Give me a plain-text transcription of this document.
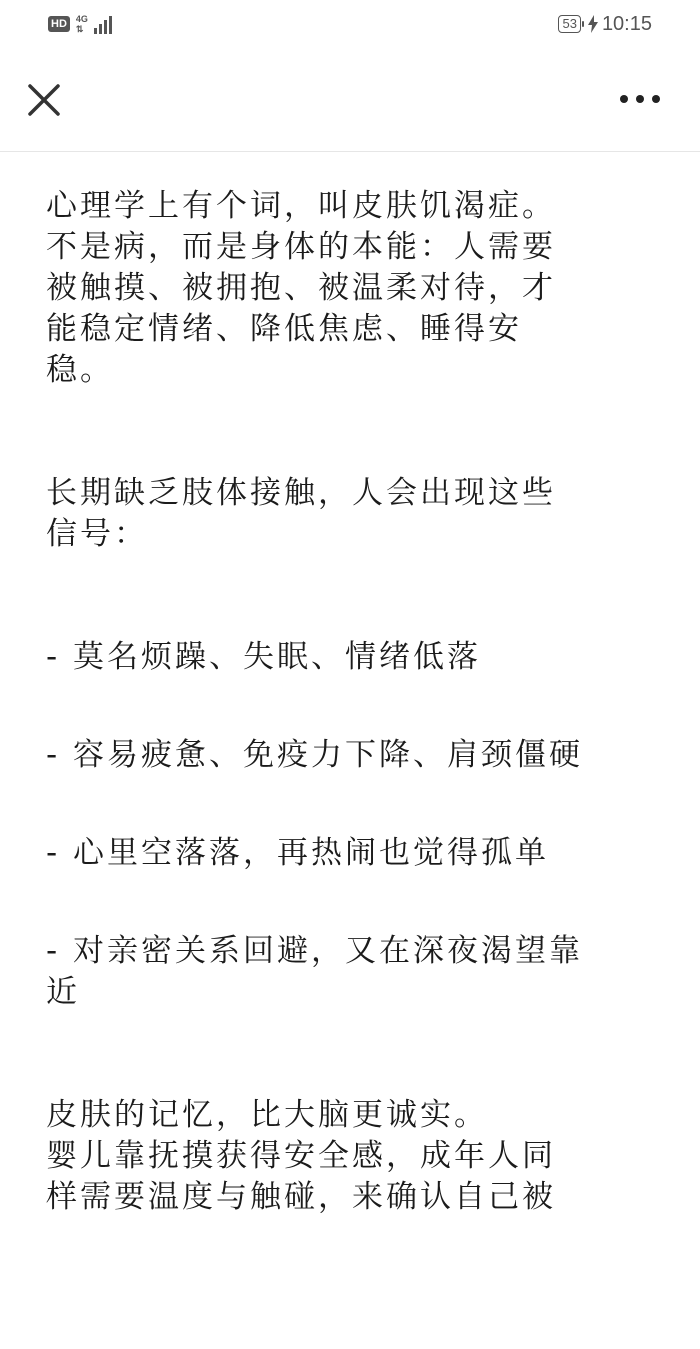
HD	4G
⇅	53 10:15

心理学上有个词，叫皮肤饥渴症。

不是病，而是身体的本能：人需要

被触摸、被拥抱、被温柔对待，才

能稳定情绪、降低焦虑、睡得安

稳。

长期缺乏肢体接触，人会出现这些

信号：

- 莫名烦躁、失眠、情绪低落

- 容易疲惫、免疫力下降、肩颈僵硬

- 心里空落落，再热闹也觉得孤单

- 对亲密关系回避，又在深夜渴望靠

近

皮肤的记忆，比大脑更诚实。

婴儿靠抚摸获得安全感，成年人同

样需要温度与触碰，来确认自己被
